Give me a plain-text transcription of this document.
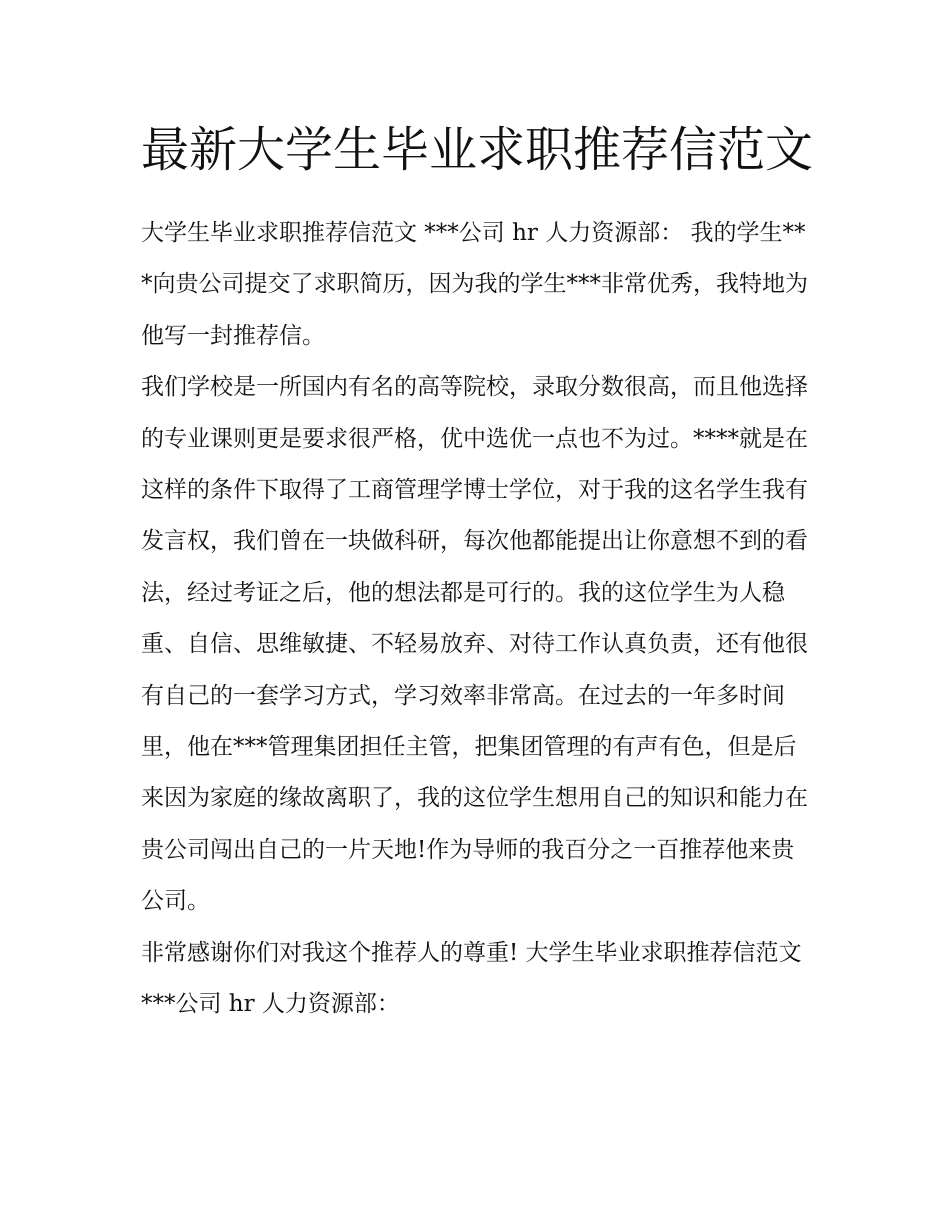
最新大学生毕业求职推荐信范文

大学生毕业求职推荐信范文 ***公司 hr 人力资源部： 我的学生***向贵公司提交了求职简历，因为我的学生***非常优秀，我特地为他写一封推荐信。

我们学校是一所国内有名的高等院校，录取分数很高，而且他选择的专业课则更是要求很严格，优中选优一点也不为过。****就是在这样的条件下取得了工商管理学博士学位，对于我的这名学生我有发言权，我们曾在一块做科研，每次他都能提出让你意想不到的看法，经过考证之后，他的想法都是可行的。我的这位学生为人稳重、自信、思维敏捷、不轻易放弃、对待工作认真负责，还有他很有自己的一套学习方式，学习效率非常高。在过去的一年多时间里，他在***管理集团担任主管，把集团管理的有声有色，但是后来因为家庭的缘故离职了，我的这位学生想用自己的知识和能力在贵公司闯出自己的一片天地!作为导师的我百分之一百推荐他来贵公司。

非常感谢你们对我这个推荐人的尊重! 大学生毕业求职推荐信范文 ***公司 hr 人力资源部：
